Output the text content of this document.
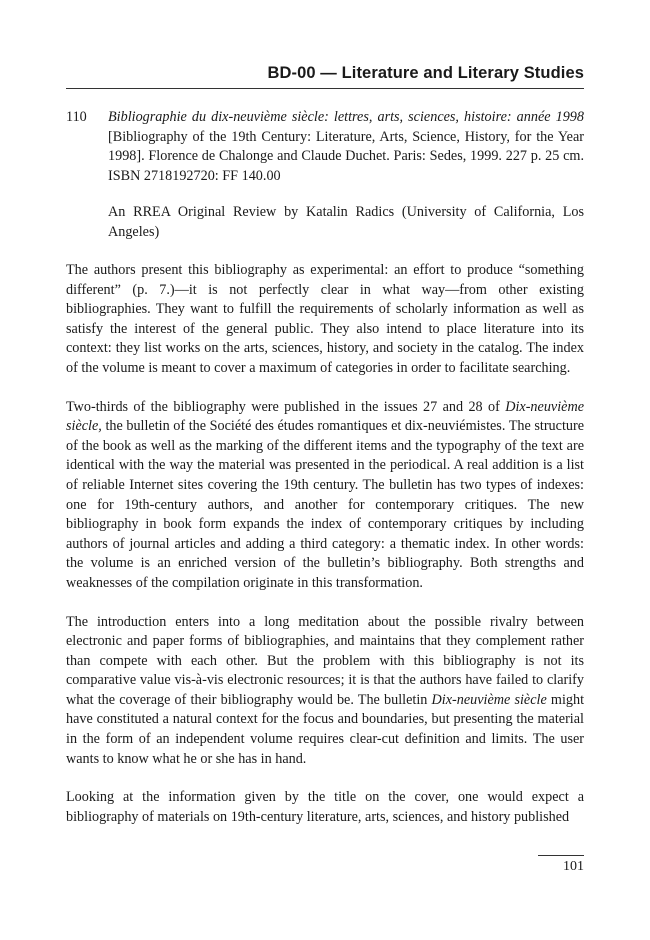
BD-00 — Literature and Literary Studies
110 Bibliographie du dix-neuvième siècle: lettres, arts, sciences, histoire: année 1998 [Bibliography of the 19th Century: Literature, Arts, Science, History, for the Year 1998]. Florence de Chalonge and Claude Duchet. Paris: Sedes, 1999. 227 p. 25 cm. ISBN 2718192720: FF 140.00

An RREA Original Review by Katalin Radics (University of California, Los Angeles)

The authors present this bibliography as experimental: an effort to produce “something different” (p. 7.)—it is not perfectly clear in what way—from other existing bibliographies. They want to fulfill the requirements of scholarly information as well as satisfy the interest of the general public. They also intend to place literature into its context: they list works on the arts, sciences, history, and society in the catalog. The index of the volume is meant to cover a maximum of categories in order to facilitate searching.

Two-thirds of the bibliography were published in the issues 27 and 28 of Dix-neuvième siècle, the bulletin of the Société des études romantiques et dix-neuviémistes. The structure of the book as well as the marking of the different items and the typography of the text are identical with the way the material was presented in the periodical. A real addition is a list of reliable Internet sites covering the 19th century. The bulletin has two types of indexes: one for 19th-century authors, and another for contemporary critiques. The new bibliography in book form expands the index of contemporary critiques by including authors of journal articles and adding a third category: a thematic index. In other words: the volume is an enriched version of the bulletin’s bibliography. Both strengths and weaknesses of the compilation originate in this transformation.

The introduction enters into a long meditation about the possible rivalry between electronic and paper forms of bibliographies, and maintains that they complement rather than compete with each other. But the problem with this bibliography is not its comparative value vis-à-vis electronic resources; it is that the authors have failed to clarify what the coverage of their bibliography would be. The bulletin Dix-neuvième siècle might have constituted a natural context for the focus and boundaries, but presenting the material in the form of an independent volume requires clear-cut definition and limits. The user wants to know what he or she has in hand.

Looking at the information given by the title on the cover, one would expect a bibliography of materials on 19th-century literature, arts, sciences, and history published

101
